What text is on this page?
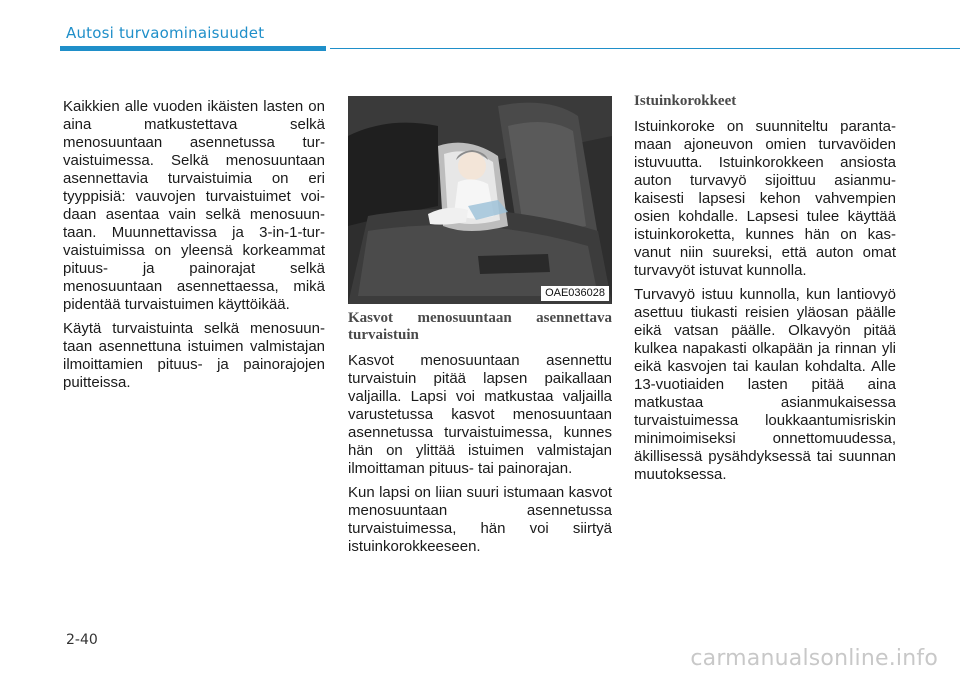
Autosi turvaominaisuudet

Kaikkien alle vuoden ikäisten lasten on aina matkustettava selkä menosuuntaan asennetussa turvaistuimessa. Selkä menosuuntaan asennettavia turvaistuimia on eri tyyppisiä: vauvojen turvaistuimet voidaan asentaa vain selkä menosuuntaan. Muunnettavissa ja 3-in-1-turvaistuimissa on yleensä korkeammat pituus- ja painorajat selkä menosuuntaan asennettaessa, mikä pidentää turvaistuimen käyttöikää.

Käytä turvaistuinta selkä menosuuntaan asennettuna istuimen valmistajan ilmoittamien pituus- ja painorajojen puitteissa.

OAE036028
Kasvot menosuuntaan asennettava turvaistuin

Kasvot menosuuntaan asennettu turvaistuin pitää lapsen paikallaan valjailla. Lapsi voi matkustaa valjailla varustetussa kasvot menosuuntaan asennetussa turvaistuimessa, kunnes hän on ylittää istuimen valmistajan ilmoittaman pituus- tai painorajan.

Kun lapsi on liian suuri istumaan kasvot menosuuntaan asennetussa turvaistuimessa, hän voi siirtyä istuinkorokkeeseen.

Istuinkorokkeet

Istuinkoroke on suunniteltu parantamaan ajoneuvon omien turvavöiden istuvuutta. Istuinkorokkeen ansiosta auton turvavyö sijoittuu asianmukaisesti lapsesi kehon vahvempien osien kohdalle. Lapsesi tulee käyttää istuinkoroketta, kunnes hän on kasvanut niin suureksi, että auton omat turvavyöt istuvat kunnolla.

Turvavyö istuu kunnolla, kun lantiovyö asettuu tiukasti reisien yläosan päälle eikä vatsan päälle. Olkavyön pitää kulkea napakasti olkapään ja rinnan yli eikä kasvojen tai kaulan kohdalta. Alle 13-vuotiaiden lasten pitää aina matkustaa asianmukaisessa turvaistuimessa loukkaantumisriskin minimoimiseksi onnettomuudessa, äkillisessä pysähdyksessä tai suunnan muutoksessa.

2-40
carmanualsonline.info
